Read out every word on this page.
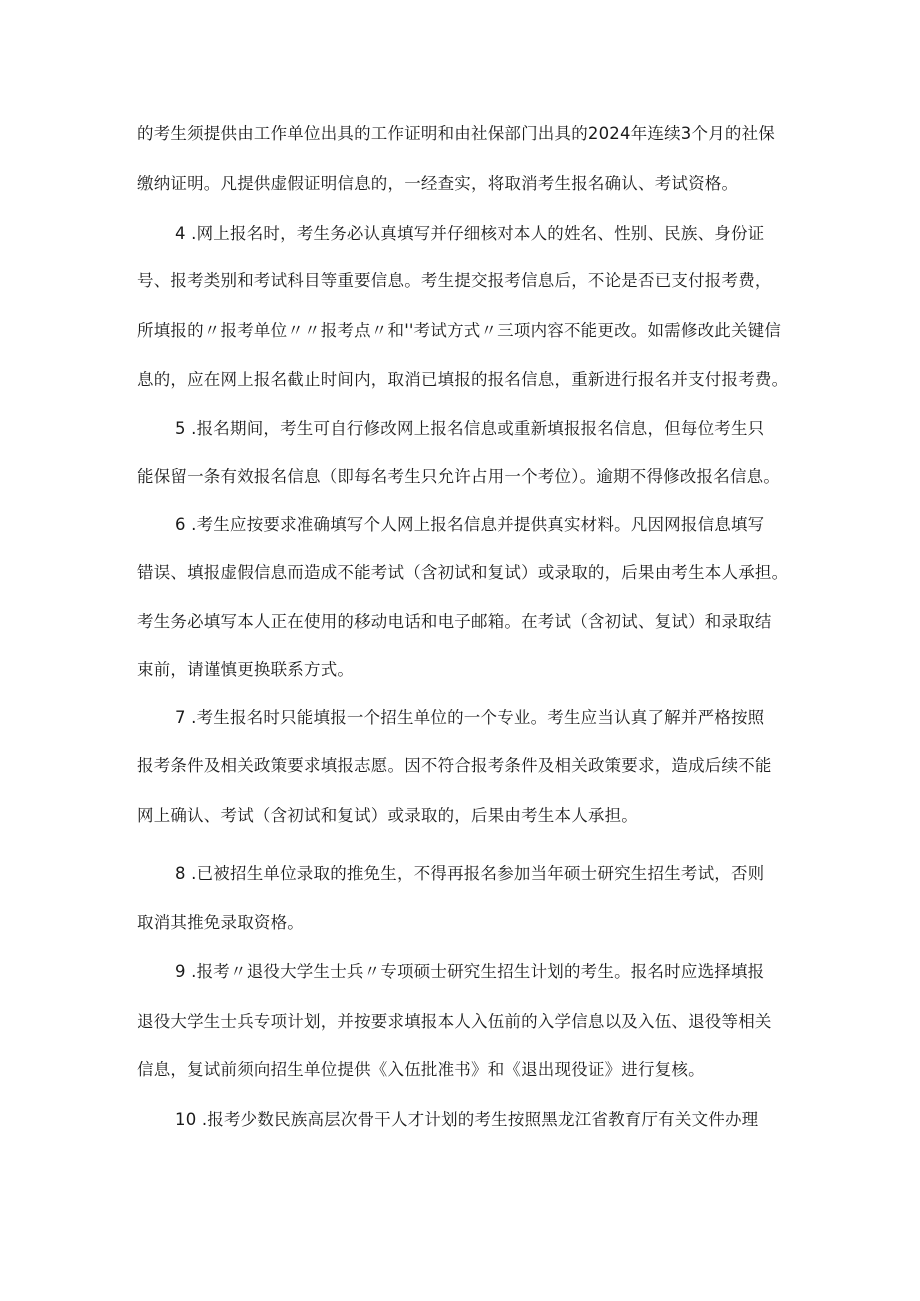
的考生须提供由工作单位出具的工作证明和由社保部门出具的2024年连续3个月的社保
缴纳证明。凡提供虚假证明信息的，一经查实，将取消考生报名确认、考试资格。
4 .网上报名时，考生务必认真填写并仔细核对本人的姓名、性别、民族、身份证
号、报考类别和考试科目等重要信息。考生提交报考信息后，不论是否已支付报考费，
所填报的〃报考单位〃〃报考点〃和''考试方式〃三项内容不能更改。如需修改此关键信
息的，应在网上报名截止时间内，取消已填报的报名信息，重新进行报名并支付报考费。
5 .报名期间，考生可自行修改网上报名信息或重新填报报名信息，但每位考生只
能保留一条有效报名信息（即每名考生只允许占用一个考位）。逾期不得修改报名信息。
6 .考生应按要求准确填写个人网上报名信息并提供真实材料。凡因网报信息填写
错误、填报虚假信息而造成不能考试（含初试和复试）或录取的，后果由考生本人承担。
考生务必填写本人正在使用的移动电话和电子邮箱。在考试（含初试、复试）和录取结
束前，请谨慎更换联系方式。
7 .考生报名时只能填报一个招生单位的一个专业。考生应当认真了解并严格按照
报考条件及相关政策要求填报志愿。因不符合报考条件及相关政策要求，造成后续不能
网上确认、考试（含初试和复试）或录取的，后果由考生本人承担。
8 .已被招生单位录取的推免生，不得再报名参加当年硕士研究生招生考试，否则
取消其推免录取资格。
9 .报考〃退役大学生士兵〃专项硕士研究生招生计划的考生。报名时应选择填报
退役大学生士兵专项计划，并按要求填报本人入伍前的入学信息以及入伍、退役等相关
信息，复试前须向招生单位提供《入伍批准书》和《退出现役证》进行复核。
10 .报考少数民族高层次骨干人才计划的考生按照黑龙江省教育厅有关文件办理
